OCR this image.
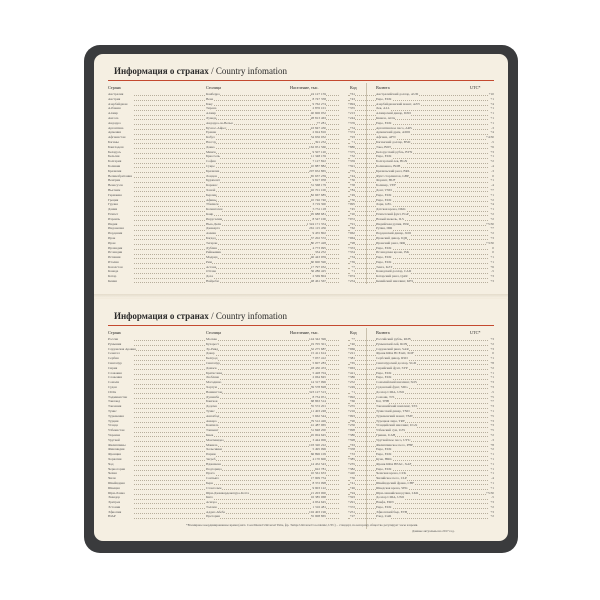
Информация о странах / Country infomation
Страна	Столица	Население, тыс.	Код	Валюта	UTC*
Австралия	Канберра	24 127 159	+61	Австралийский доллар, AUD	+10
Австрия	Вена	8 747 358	+43	Евро, EUR	+1
Азербайджан	Баку	9 762 274	+994	Азербайджанский манат, AZN	+4
Албания	Тирана	2 876 101	+355	Лек, ALL	+1
Алжир	Алжир	40 606 052	+213	Алжирский динар, DZD	+1
Ангола	Луанда	28 813 463	+244	Кванза, AOA	+1
Андорра	Андорра-ла-Велья	77 281	+376	Евро, EUR	+1
Аргентина	Буэнос-Айрес	43 847 430	+54	Аргентинское песо, ARS	-3
Армения	Ереван	2 924 816	+374	Армянский драм, AMD	+4
Афганистан	Кабул	34 656 032	+93	Афгани, AFN	+4:30
Багамы	Нассау	391 232	+1	Багамский доллар, BSD	-5
Бангладеш	Дакка	162 951 560	+880	Така, BDT	+6
Беларусь	Минск	9 507 120	+375	Белорусский рубль, BYN	+3
Бельгия	Брюссель	11 348 159	+32	Евро, EUR	+1
Болгария	София	7 127 822	+359	Болгарский лев, BGN	+2
Боливия	Сукре	10 887 882	+591	Боливиано, BOB	-4
Бразилия	Бразилиа	207 652 865	+55	Бразильский реал, BRL	-3
Великобритания	Лондон	65 637 239	+44	Фунт стерлингов, GBP	0
Венгрия	Будапешт	9 817 958	+36	Форинт, HUF	+1
Венесуэла	Каракас	31 568 179	+58	Боливар, VEF	-4
Вьетнам	Ханой	92 701 100	+84	Донг, VND	+7
Германия	Берлин	82 667 685	+49	Евро, EUR	+1
Греция	Афины	10 746 740	+30	Евро, EUR	+2
Грузия	Тбилиси	3 719 300	+995	Лари, GEL	+4
Дания	Копенгаген	5 731 118	+45	Датская крона, DKK	+1
Египет	Каир	95 688 681	+20	Египетский фунт, EGP	+2
Израиль	Иерусалим	8 547 100	+972	Новый шекель, ILS	+2
Индия	Нью-Дели	1 324 171 354	+91	Индийская рупия, INR	+5:30
Индонезия	Джакарта	261 115 456	+62	Рупия, IDR	+7
Иордания	Амман	9 455 802	+962	Иорданский динар, JOD	+2
Ирак	Багдад	37 202 572	+964	Иракский динар, IQD	+3
Иран	Тегеран	80 277 428	+98	Иранский риал, IRR	+3:30
Ирландия	Дублин	4 773 095	+353	Евро, EUR	0
Исландия	Рейкьявик	334 252	+354	Исландская крона, ISK	0
Испания	Мадрид	46 443 959	+34	Евро, EUR	+1
Италия	Рим	60 600 590	+39	Евро, EUR	+1
Казахстан	Астана	17 797 032	+7	Тенге, KZT	+6
Канада	Оттава	36 286 425	+1	Канадский доллар, CAD	-5
Катар	Доха	2 569 804	+974	Катарский риал, QAR	+3
Кения	Найроби	48 461 567	+254	Кенийский шиллинг, KES	+3
Информация о странах / Country infomation
Страна	Столица	Население, тыс.	Код	Валюта	UTC*
Россия	Москва	144 342 396	+7	Российский рубль, RUB	+3
Румыния	Бухарест	19 705 301	+40	Румынский лей, RON	+2
Саудовская Аравия	Эр-Рияд	32 275 687	+966	Саудовский риял, SAR	+3
Сенегал	Дакар	15 411 614	+221	Франк КФА ВСЕАО, XOF	0
Сербия	Белград	7 057 412	+381	Сербский динар, RSD	+1
Сингапур	Сингапур	5 607 283	+65	Сингапурский доллар, SGD	+8
Сирия	Дамаск	18 430 453	+963	Сирийский фунт, SYP	+2
Словакия	Братислава	5 428 704	+421	Евро, EUR	+1
Словения	Любляна	2 064 845	+386	Евро, EUR	+1
Сомали	Могадишо	14 317 996	+252	Сомалийский шиллинг, SOS	+3
Судан	Хартум	39 578 828	+249	Суданский фунт, SDG	+3
США	Вашингтон	323 127 513	+1	Доллар США, USD	-5
Таджикистан	Душанбе	8 734 951	+992	Сомони, TJS	+5
Таиланд	Бангкок	68 863 514	+66	Бат, THB	+7
Танзания	Додома	55 572 201	+255	Танзанийский шиллинг, TZS	+3
Тунис	Тунис	11 403 248	+216	Тунисский динар, TND	+1
Туркмения	Ашхабад	5 662 544	+993	Туркменский манат, TMT	+5
Турция	Анкара	79 512 426	+90	Турецкая лира, TRY	+3
Уганда	Кампала	41 487 965	+256	Угандийский шиллинг, UGX	+3
Узбекистан	Ташкент	31 848 200	+998	Узбекский сум, UZS	+5
Украина	Киев	45 004 645	+380	Гривна, UAH	+2
Уругвай	Монтевидео	3 444 006	+598	Уругвайское песо, UYU	-3
Филиппины	Манила	103 320 222	+63	Филиппинское песо, PHP	+8
Финляндия	Хельсинки	5 495 096	+358	Евро, EUR	+2
Франция	Париж	66 896 109	+33	Евро, EUR	+1
Хорватия	Загреб	4 170 600	+385	Куна, HRK	+1
Чад	Нджамена	14 452 543	+235	Франк КФА ВЕАС, XAF	+1
Черногория	Подгорица	622 781	+382	Евро, EUR	+1
Чехия	Прага	10 561 633	+420	Чешская крона, CZK	+1
Чили	Сантьяго	17 909 754	+56	Чилийское песо, CLP	-4
Швейцария	Берн	8 372 098	+41	Швейцарский франк, CHF	+1
Швеция	Стокгольм	9 903 122	+46	Шведская крона, SEK	+1
Шри-Ланка	Шри-Джаяварденепура-Котте	21 203 000	+94	Шри-ланкийская рупия, LKR	+5:30
Эквадор	Кито	16 385 068	+593	Доллар США, USD	-5
Эритрея	Асмэра	4 954 645	+291	Накфа, ERN	+3
Эстония	Таллин	1 316 481	+372	Евро, EUR	+2
Эфиопия	Аддис-Абеба	102 403 196	+251	Эфиопский быр, ETB	+3
ЮАР	Претория	55 908 865	+27	Рэнд, ZAR	+2
*Всемирное координированное время (англ. Coordinated Universal Time, фр. Temps Universel Coordonné, UTC) – стандарт, по которому общество регулирует часы и время.
Данные актуальны на 2017 год.
